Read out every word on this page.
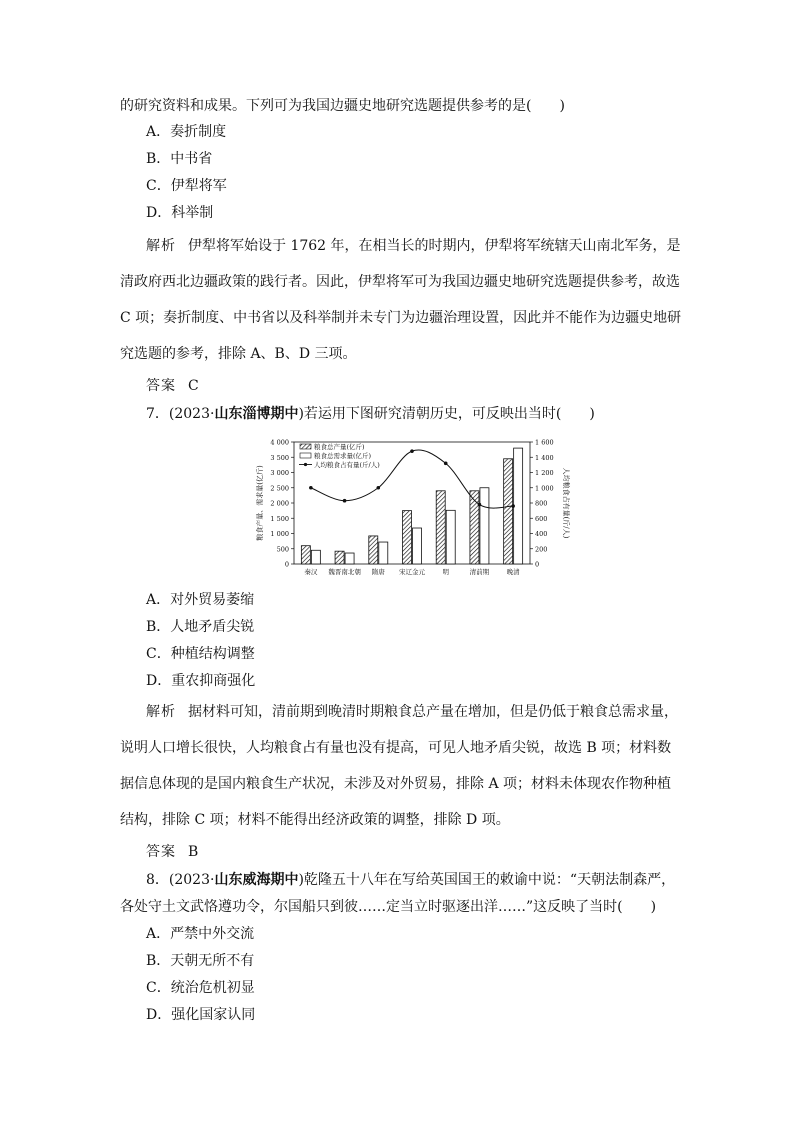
的研究资料和成果。下列可为我国边疆史地研究选题提供参考的是(　　)
A．奏折制度
B．中书省
C．伊犁将军
D．科举制
解析 伊犁将军始设于 1762 年，在相当长的时期内，伊犁将军统辖天山南北军务，是
清政府西北边疆政策的践行者。因此，伊犁将军可为我国边疆史地研究选题提供参考，故选
C 项；奏折制度、中书省以及科举制并未专门为边疆治理设置，因此并不能作为边疆史地研
究选题的参考，排除 A、B、D 三项。
答案 C
7．(2023·山东淄博期中)若运用下图研究清朝历史，可反映出当时(　　)
0
500
1 000
1 500
2 000
2 500
3 000
3 500
4 000
0
200
400
600
800
1 000
1 200
1 400
1 600
粮食产量、需求量(亿斤)	人均粮食占有量(斤/人)
秦汉 魏晋南北朝 隋唐 宋辽金元	明	清前期	晚清
粮食总产量(亿斤)
粮食总需求量(亿斤)
人均粮食占有量(斤/人)
A．对外贸易萎缩
B．人地矛盾尖锐
C．种植结构调整
D．重农抑商强化
解析 据材料可知，清前期到晚清时期粮食总产量在增加，但是仍低于粮食总需求量，
说明人口增长很快，人均粮食占有量也没有提高，可见人地矛盾尖锐，故选 B 项；材料数
据信息体现的是国内粮食生产状况，未涉及对外贸易，排除 A 项；材料未体现农作物种植
结构，排除 C 项；材料不能得出经济政策的调整，排除 D 项。
答案 B
8．(2023·山东威海期中)乾隆五十八年在写给英国国王的敕谕中说：“天朝法制森严，
各处守土文武恪遵功令，尔国船只到彼……定当立时驱逐出洋……”这反映了当时(　　)
A．严禁中外交流
B．天朝无所不有
C．统治危机初显
D．强化国家认同
